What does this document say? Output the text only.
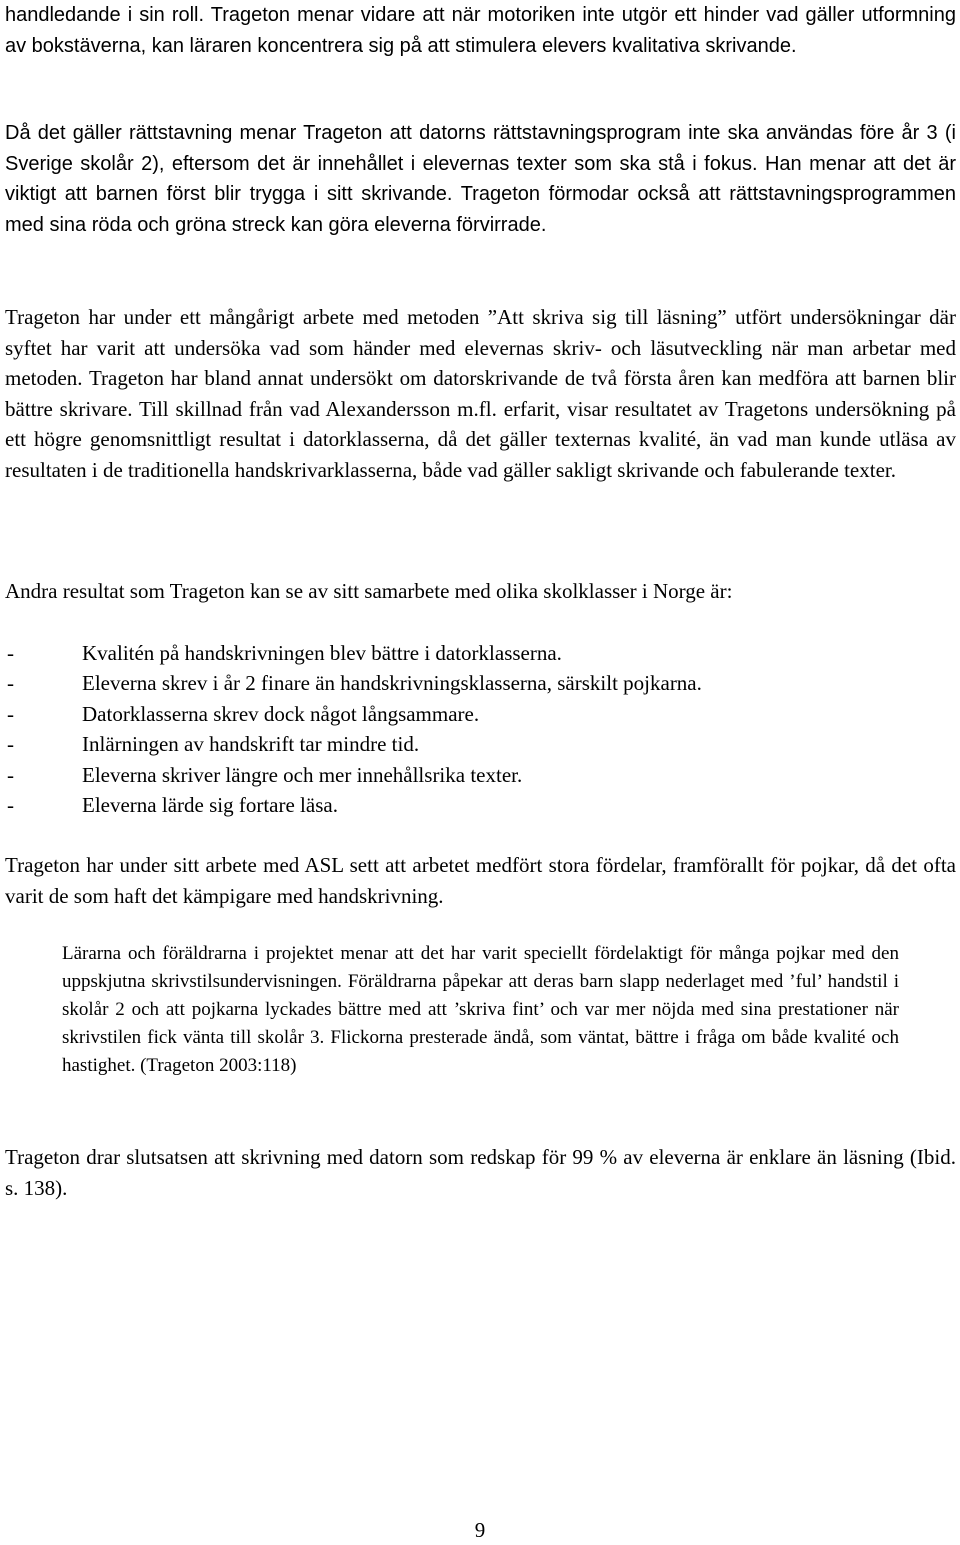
handledande i sin roll. Trageton menar vidare att när motoriken inte utgör ett hinder vad gäller utformning av bokstäverna, kan läraren koncentrera sig på att stimulera elevers kvalitativa skrivande.

Då det gäller rättstavning menar Trageton att datorns rättstavningsprogram inte ska användas före år 3 (i Sverige skolår 2), eftersom det är innehållet i elevernas texter som ska stå i fokus. Han menar att det är viktigt att barnen först blir trygga i sitt skrivande. Trageton förmodar också att rättstavningsprogrammen med sina röda och gröna streck kan göra eleverna förvirrade.

Trageton har under ett mångårigt arbete med metoden ”Att skriva sig till läsning” utfört undersökningar där syftet har varit att undersöka vad som händer med elevernas skriv- och läsutveckling när man arbetar med metoden. Trageton har bland annat undersökt om datorskrivande de två första åren kan medföra att barnen blir bättre skrivare. Till skillnad från vad Alexandersson m.fl. erfarit, visar resultatet av Tragetons undersökning på ett högre genomsnittligt resultat i datorklasserna, då det gäller texternas kvalité, än vad man kunde utläsa av resultaten i de traditionella handskrivarklasserna, både vad gäller sakligt skrivande och fabulerande texter.

Andra resultat som Trageton kan se av sitt samarbete med olika skolklasser i Norge är:

-	Kvalitén på handskrivningen blev bättre i datorklasserna.
-	Eleverna skrev i år 2 finare än handskrivningsklasserna, särskilt pojkarna.
-	Datorklasserna skrev dock något långsammare.
-	Inlärningen av handskrift tar mindre tid.
-	Eleverna skriver längre och mer innehållsrika texter.
-	Eleverna lärde sig fortare läsa.

Trageton har under sitt arbete med ASL sett att arbetet medfört stora fördelar, framförallt för pojkar, då det ofta varit de som haft det kämpigare med handskrivning.

Lärarna och föräldrarna i projektet menar att det har varit speciellt fördelaktigt för många pojkar med den uppskjutna skrivstilsundervisningen. Föräldrarna påpekar att deras barn slapp nederlaget med ’ful’ handstil i skolår 2 och att pojkarna lyckades bättre med att ’skriva fint’ och var mer nöjda med sina prestationer när skrivstilen fick vänta till skolår 3. Flickorna presterade ändå, som väntat, bättre i fråga om både kvalité och hastighet. (Trageton 2003:118)

Trageton drar slutsatsen att skrivning med datorn som redskap för 99 % av eleverna är enklare än läsning (Ibid. s. 138).

9
